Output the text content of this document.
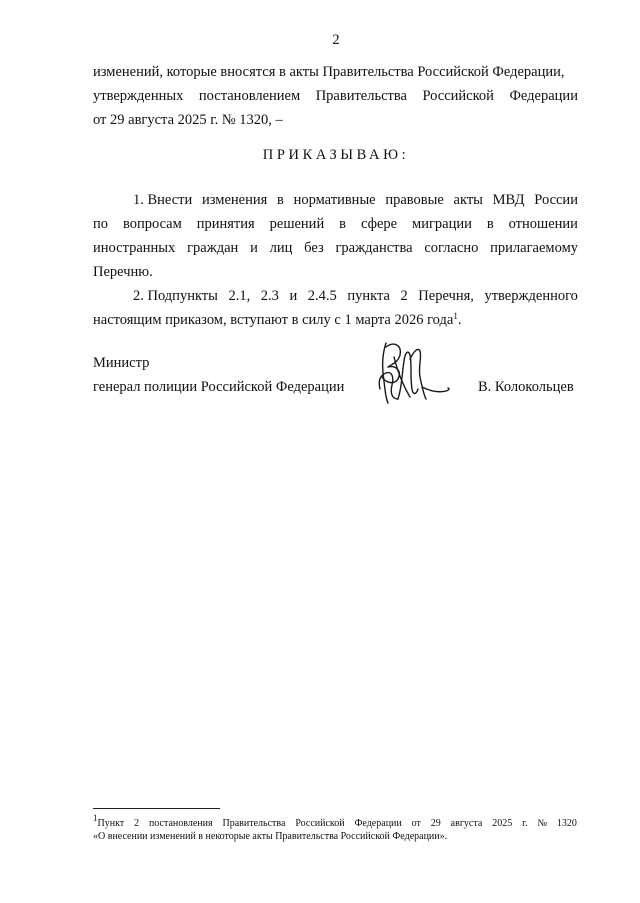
2
изменений, которые вносятся в акты Правительства Российской Федерации,
утвержденных постановлением Правительства Российской Федерации
от 29 августа 2025 г. № 1320, –
ПРИКАЗЫВАЮ:
1. Внести изменения в нормативные правовые акты МВД России
по вопросам принятия решений в сфере миграции в отношении
иностранных граждан и лиц без гражданства согласно прилагаемому
Перечню.
2. Подпункты 2.1, 2.3 и 2.4.5 пункта 2 Перечня, утвержденного
настоящим приказом, вступают в силу с 1 марта 2026 года$^1$.
Министр
генерал полиции Российской Федерации	В. Колокольцев
$^1$Пункт 2 постановления Правительства Российской Федерации от 29 августа 2025 г. № 1320
«О внесении изменений в некоторые акты Правительства Российской Федерации».
